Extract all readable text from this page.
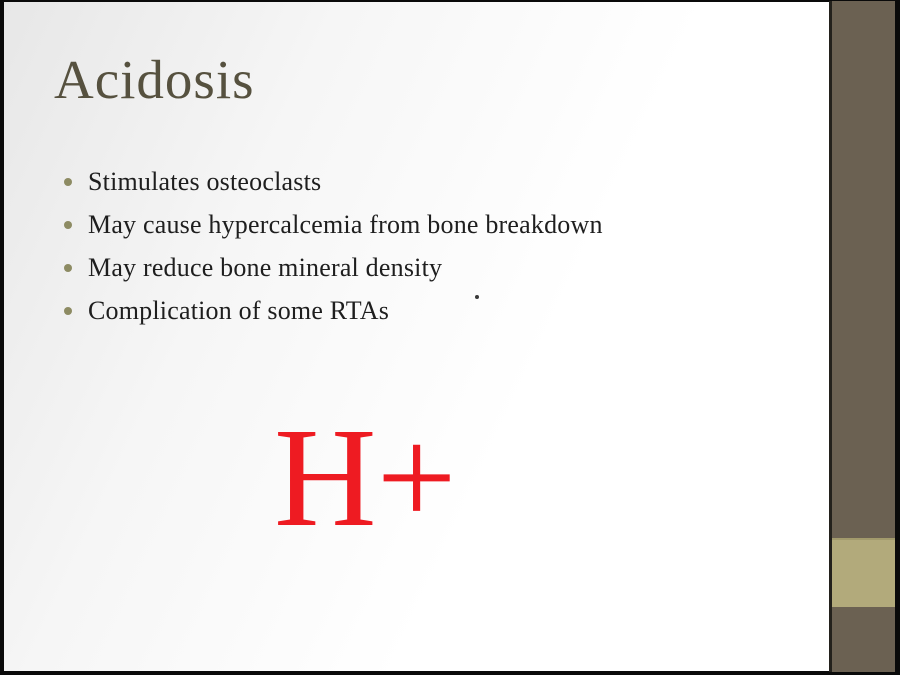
Acidosis
Stimulates osteoclasts
May cause hypercalcemia from bone breakdown
May reduce bone mineral density
Complication of some RTAs
H+
